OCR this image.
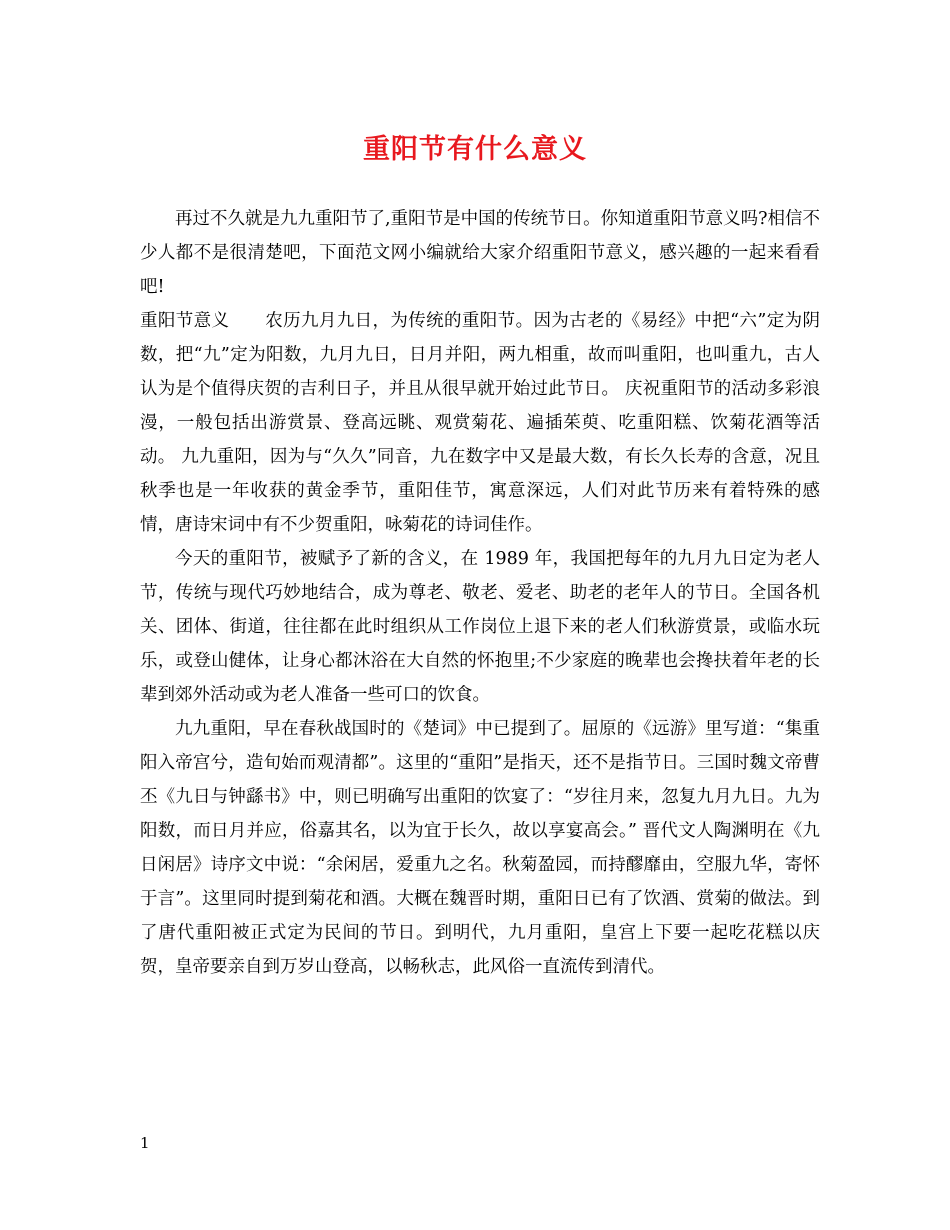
重阳节有什么意义

再过不久就是九九重阳节了,重阳节是中国的传统节日。你知道重阳节意义吗?相信不少人都不是很清楚吧，下面范文网小编就给大家介绍重阳节意义，感兴趣的一起来看看吧!

重阳节意义　　农历九月九日，为传统的重阳节。因为古老的《易经》中把“六”定为阴数，把“九”定为阳数，九月九日，日月并阳，两九相重，故而叫重阳，也叫重九，古人认为是个值得庆贺的吉利日子，并且从很早就开始过此节日。 庆祝重阳节的活动多彩浪漫，一般包括出游赏景、登高远眺、观赏菊花、遍插茱萸、吃重阳糕、饮菊花酒等活动。 九九重阳，因为与“久久”同音，九在数字中又是最大数，有长久长寿的含意，况且秋季也是一年收获的黄金季节，重阳佳节，寓意深远，人们对此节历来有着特殊的感情，唐诗宋词中有不少贺重阳，咏菊花的诗词佳作。

今天的重阳节，被赋予了新的含义，在 1989 年，我国把每年的九月九日定为老人节，传统与现代巧妙地结合，成为尊老、敬老、爱老、助老的老年人的节日。全国各机关、团体、街道，往往都在此时组织从工作岗位上退下来的老人们秋游赏景，或临水玩乐，或登山健体，让身心都沐浴在大自然的怀抱里;不少家庭的晚辈也会搀扶着年老的长辈到郊外活动或为老人准备一些可口的饮食。

九九重阳，早在春秋战国时的《楚词》中已提到了。屈原的《远游》里写道：“集重阳入帝宫兮，造旬始而观清都”。这里的“重阳”是指天，还不是指节日。三国时魏文帝曹丕《九日与钟繇书》中，则已明确写出重阳的饮宴了：“岁往月来，忽复九月九日。九为阳数，而日月并应，俗嘉其名，以为宜于长久，故以享宴高会。” 晋代文人陶渊明在《九日闲居》诗序文中说：“余闲居，爱重九之名。秋菊盈园，而持醪靡由，空服九华，寄怀于言”。这里同时提到菊花和酒。大概在魏晋时期，重阳日已有了饮酒、赏菊的做法。到了唐代重阳被正式定为民间的节日。到明代，九月重阳，皇宫上下要一起吃花糕以庆贺，皇帝要亲自到万岁山登高，以畅秋志，此风俗一直流传到清代。

1
